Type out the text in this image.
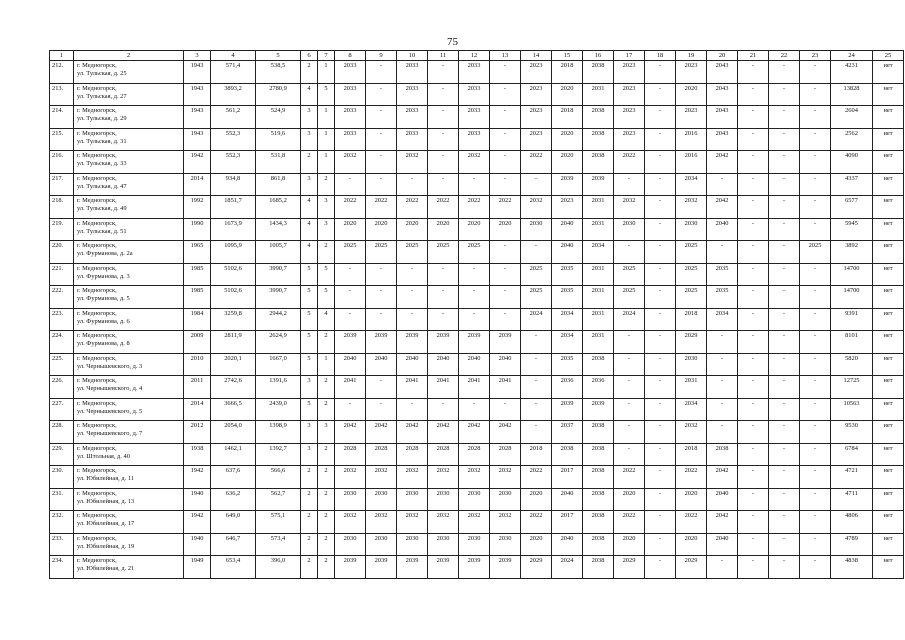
75
1	2	3	4	5	6	7	8	9	10	11	12	13	14	15	16	17	18	19	20	21	22	23	24	25
212.	г. Медногорск,
ул. Тульская, д. 25	1943	571,4	538,5	2	1	2033	-	2033	-	2033	-	2023	2018	2038	2023	-	2023	2043	-	-	-	4231	нет
213.	г. Медногорск,
ул. Тульская, д. 27	1943	3893,2	2780,9	4	5	2033	-	2033	-	2033	-	2023	2020	2031	2023	-	2020	2043	-	-	-	13828	нет
214.	г. Медногорск,
ул. Тульская, д. 29	1943	561,2	524,9	3	1	2033	-	2033	-	2033	-	2023	2018	2038	2023	-	2023	2043	-	-	-	2604	нет
215.	г. Медногорск,
ул. Тульская, д. 31	1943	552,3	519,6	3	1	2033	-	2033	-	2033	-	2023	2020	2038	2023	-	2016	2043	-	-	-	2562	нет
216.	г. Медногорск,
ул. Тульская, д. 33	1942	552,3	531,8	2	1	2032	-	2032	-	2032	-	2022	2020	2038	2022	-	2016	2042	-	-	-	4090	нет
217.	г. Медногорск,
ул. Тульская, д. 47	2014	934,8	861,8	3	2	-	-	-	-	-	-	-	2039	2039	-	-	2034	-	-	-	-	4337	нет
218.	г. Медногорск,
ул. Тульская, д. 49	1992	1851,7	1685,2	4	3	2022	2022	2022	2022	2022	2022	2032	2023	2031	2032	-	2032	2042	-	-	-	6577	нет
219.	г. Медногорск,
ул. Тульская, д. 51	1990	1673,9	1434,3	4	3	2020	2020	2020	2020	2020	2020	2030	2040	2031	2030	-	2030	2040	-	-	-	5945	нет
220.	г. Медногорск,
ул. Фурманова, д. 2а	1965	1095,9	1005,7	4	2	2025	2025	2025	2025	2025	-	-	2040	2034	-	-	2025	-	-	-	2025	3892	нет
221.	г. Медногорск,
ул. Фурманова, д. 3	1985	5102,6	3990,7	5	5	-	-	-	-	-	-	2025	2035	2031	2025	-	2025	2035	-	-	-	14700	нет
222.	г. Медногорск,
ул. Фурманова, д. 5	1985	5102,6	3990,7	5	5	-	-	-	-	-	-	2025	2035	2031	2025	-	2025	2035	-	-	-	14700	нет
223.	г. Медногорск,
ул. Фурманова, д. 6	1984	3259,8	2944,2	5	4	-	-	-	-	-	-	2024	2034	2031	2024	-	2018	2034	-	-	-	9391	нет
224.	г. Медногорск,
ул. Фурманова, д. 8	2009	2811,9	2624,9	5	2	2039	2039	2039	2039	2039	2039	-	2034	2031	-	-	2029	-	-	-	-	8101	нет
225.	г. Медногорск,
ул. Чернышевского, д. 3	2010	2020,1	1667,0	5	1	2040	2040	2040	2040	2040	2040	-	2035	2038	-	-	2030	-	-	-	-	5820	нет
226.	г. Медногорск,
ул. Чернышевского, д. 4	2011	2742,6	1391,6	3	2	2041	-	2041	2041	2041	2041	-	2036	2036	-	-	2031	-	-	-	-	12725	нет
227.	г. Медногорск,
ул. Чернышевского, д. 5	2014	3666,5	2439,0	5	2	-	-	-	-	-	-	-	2039	2039	-	-	2034	-	-	-	-	10563	нет
228.	г. Медногорск,
ул. Чернышевского, д. 7	2012	2054,0	1398,9	3	3	2042	2042	2042	2042	2042	2042	-	2037	2038	-	-	2032	-	-	-	-	9530	нет
229.	г. Медногорск,
ул. Штольная, д. 40	1938	1462,1	1392,7	3	2	2028	2028	2028	2028	2028	2028	2018	2038	2038	-	-	2018	2038	-	-	-	6784	нет
230.	г. Медногорск,
ул. Юбилейная, д. 11	1942	637,6	566,6	2	2	2032	2032	2032	2032	2032	2032	2022	2017	2038	2022	-	2022	2042	-	-	-	4721	нет
231.	г. Медногорск,
ул. Юбилейная, д. 13	1940	636,2	562,7	2	2	2030	2030	2030	2030	2030	2030	2020	2040	2038	2020	-	2020	2040	-	-	-	4711	нет
232.	г. Медногорск,
ул. Юбилейная, д. 17	1942	649,0	575,1	2	2	2032	2032	2032	2032	2032	2032	2022	2017	2038	2022	-	2022	2042	-	-	-	4806	нет
233.	г. Медногорск,
ул. Юбилейная, д. 19	1940	646,7	573,4	2	2	2030	2030	2030	2030	2030	2030	2020	2040	2038	2020	-	2020	2040	-	-	-	4789	нет
234.	г. Медногорск,
ул. Юбилейная, д. 21	1949	653,4	396,0	2	2	2039	2039	2039	2039	2039	2039	2029	2024	2038	2029	-	2029	-	-	-	-	4838	нет
